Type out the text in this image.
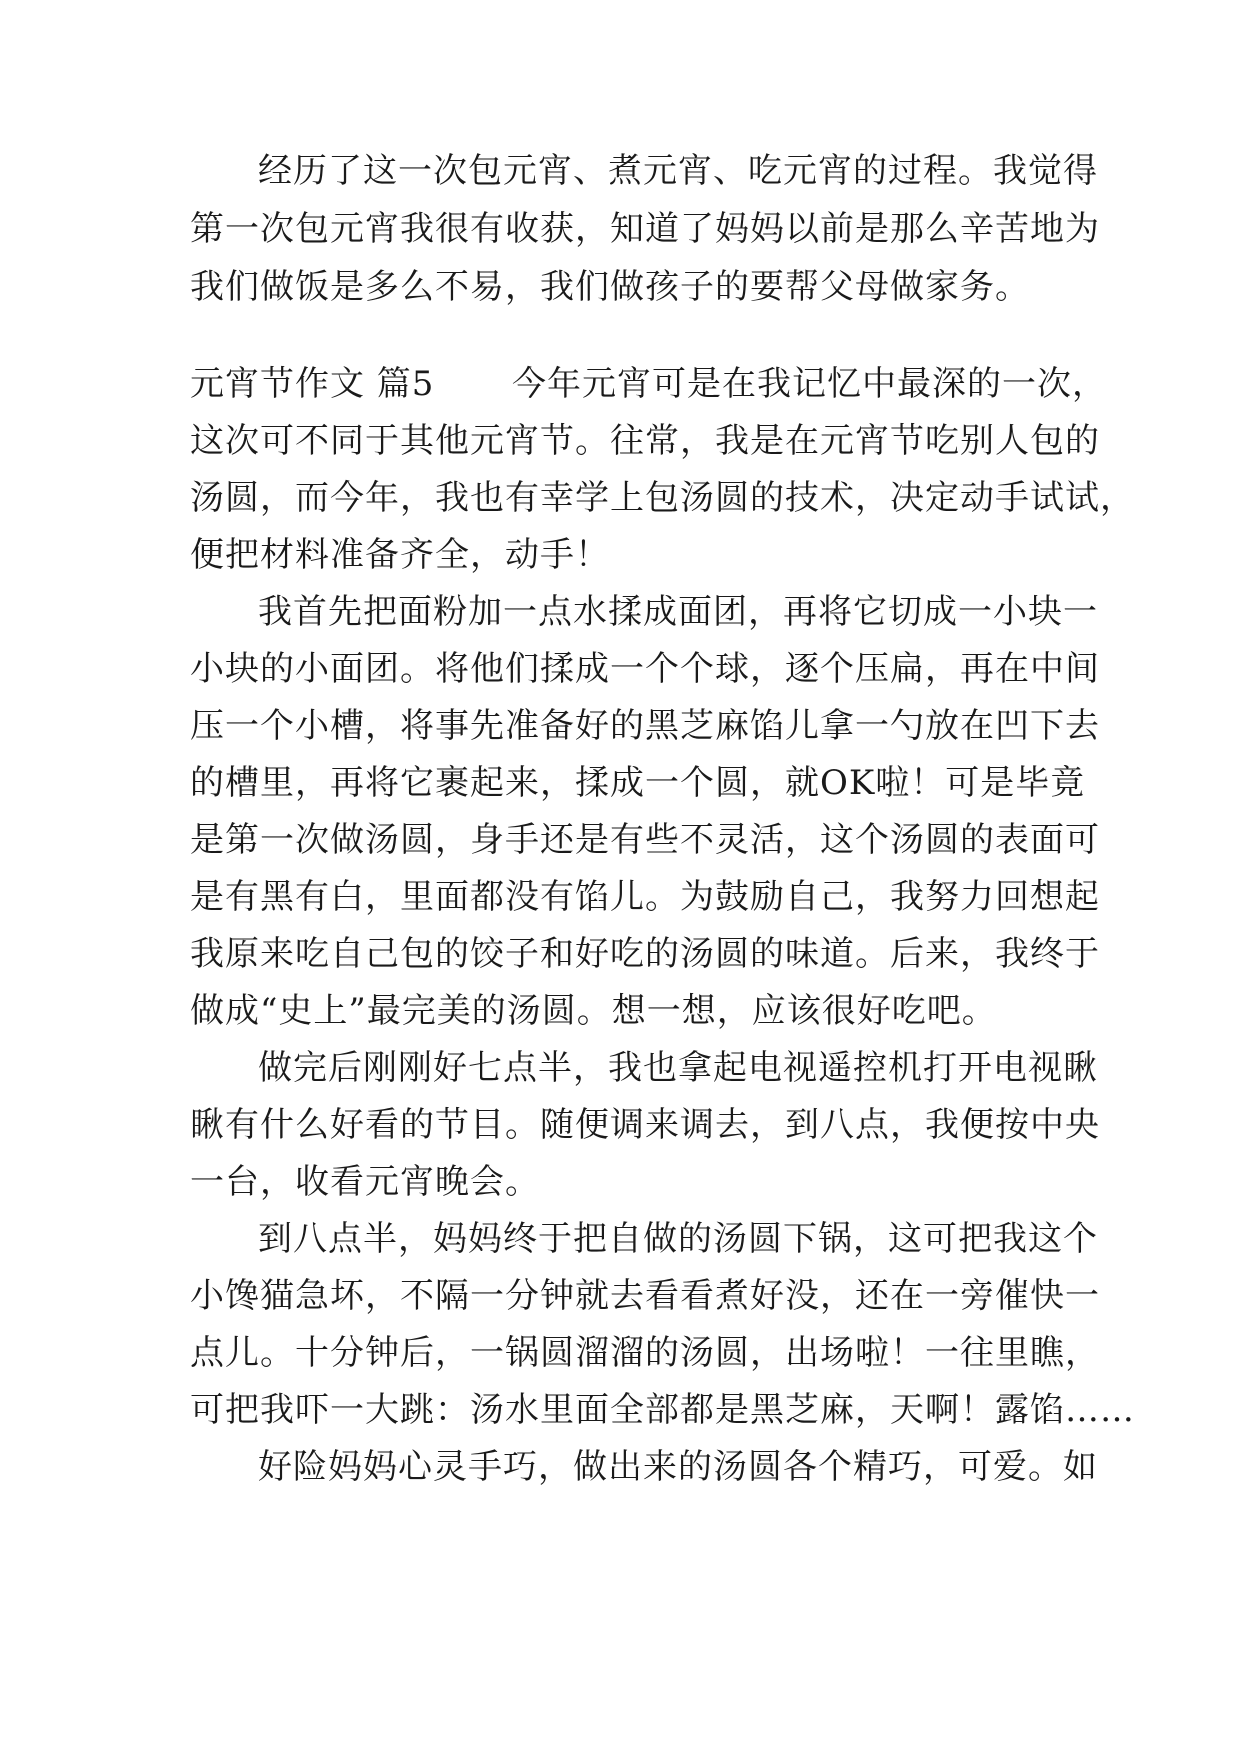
经历了这一次包元宵、煮元宵、吃元宵的过程。我觉得
第一次包元宵我很有收获，知道了妈妈以前是那么辛苦地为
我们做饭是多么不易，我们做孩子的要帮父母做家务。
元宵节作文 篇5	今年元宵可是在我记忆中最深的一次，
这次可不同于其他元宵节。往常，我是在元宵节吃别人包的
汤圆，而今年，我也有幸学上包汤圆的技术，决定动手试试，
便把材料准备齐全，动手！
我首先把面粉加一点水揉成面团，再将它切成一小块一
小块的小面团。将他们揉成一个个球，逐个压扁，再在中间
压一个小槽，将事先准备好的黑芝麻馅儿拿一勺放在凹下去
的槽里，再将它裹起来，揉成一个圆，就OK啦！可是毕竟
是第一次做汤圆，身手还是有些不灵活，这个汤圆的表面可
是有黑有白，里面都没有馅儿。为鼓励自己，我努力回想起
我原来吃自己包的饺子和好吃的汤圆的味道。后来，我终于
做成“史上”最完美的汤圆。想一想，应该很好吃吧。
做完后刚刚好七点半，我也拿起电视遥控机打开电视瞅
瞅有什么好看的节目。随便调来调去，到八点，我便按中央
一台，收看元宵晚会。
到八点半，妈妈终于把自做的汤圆下锅，这可把我这个
小馋猫急坏，不隔一分钟就去看看煮好没，还在一旁催快一
点儿。十分钟后，一锅圆溜溜的汤圆，出场啦！一往里瞧，
可把我吓一大跳：汤水里面全部都是黑芝麻，天啊！露馅……
好险妈妈心灵手巧，做出来的汤圆各个精巧，可爱。如
